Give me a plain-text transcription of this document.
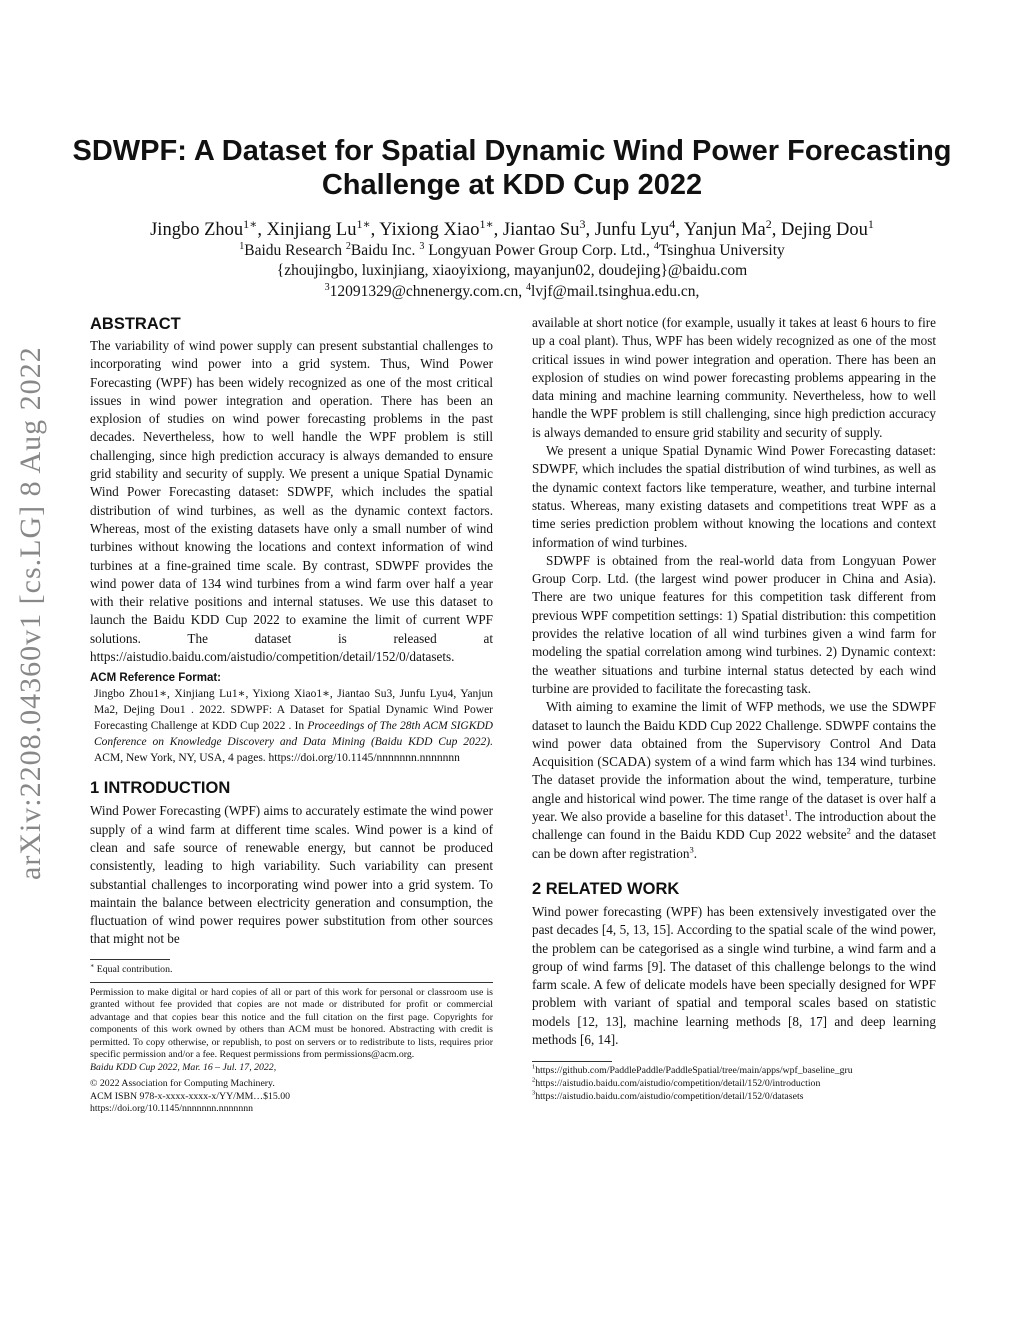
arXiv:2208.04360v1 [cs.LG] 8 Aug 2022
SDWPF: A Dataset for Spatial Dynamic Wind Power Forecasting
Challenge at KDD Cup 2022

Jingbo Zhou$^{1∗}$, Xinjiang $Lu^{1∗}$, Yixiong Xiao$^{1∗}$, Jiantao Su$^3$, Junfu Lyu$^4$, Yanjun Ma$^2$, Dejing Dou$^1$

$^1$Baidu Research $^2$Baidu Inc. $^3$ Longyuan Power Group Corp. Ltd., $^4$Tsinghua University

{zhoujingbo, luxinjiang, xiaoyixiong, mayanjun02, doudejing}@baidu.com

$^3$12091329@chnenergy.com.cn, $^4$lvjf@mail.tsinghua.edu.cn,

ABSTRACT

The variability of wind power supply can present substantial challenges to incorporating wind power into a grid system. Thus, Wind Power Forecasting (WPF) has been widely recognized as one of the most critical issues in wind power integration and operation. There has been an explosion of studies on wind power forecasting problems in the past decades. Nevertheless, how to well handle the WPF problem is still challenging, since high prediction accuracy is always demanded to ensure grid stability and security of supply. We present a unique Spatial Dynamic Wind Power Forecasting dataset: SDWPF, which includes the spatial distribution of wind turbines, as well as the dynamic context factors. Whereas, most of the existing datasets have only a small number of wind turbines without knowing the locations and context information of wind turbines at a fine-grained time scale. By contrast, SDWPF provides the wind power data of 134 wind turbines from a wind farm over half a year with their relative positions and internal statuses. We use this dataset to launch the Baidu KDD Cup 2022 to examine the limit of current WPF solutions. The dataset is released at https://aistudio.baidu.com/aistudio/competition/detail/152/0/datasets.

ACM Reference Format:

Jingbo Zhou1∗, Xinjiang Lu1∗, Yixiong Xiao1∗, Jiantao Su3, Junfu Lyu4, Yanjun Ma2, Dejing Dou1 . 2022. SDWPF: A Dataset for Spatial Dynamic Wind Power Forecasting Challenge at KDD Cup 2022 . In Proceedings of The 28th ACM SIGKDD Conference on Knowledge Discovery and Data Mining (Baidu KDD Cup 2022). ACM, New York, NY, USA, 4 pages. https://doi.org/10.1145/nnnnnnn.nnnnnnn

1 INTRODUCTION

Wind Power Forecasting (WPF) aims to accurately estimate the wind power supply of a wind farm at different time scales. Wind power is a kind of clean and safe source of renewable energy, but cannot be produced consistently, leading to high variability. Such variability can present substantial challenges to incorporating wind power into a grid system. To maintain the balance between electricity generation and consumption, the fluctuation of wind power requires power substitution from other sources that might not be

∗ Equal contribution.

Permission to make digital or hard copies of all or part of this work for personal or classroom use is granted without fee provided that copies are not made or distributed for profit or commercial advantage and that copies bear this notice and the full citation on the first page. Copyrights for components of this work owned by others than ACM must be honored. Abstracting with credit is permitted. To copy otherwise, or republish, to post on servers or to redistribute to lists, requires prior specific permission and/or a fee. Request permissions from permissions@acm.org.

Baidu KDD Cup 2022, Mar. 16 – Jul. 17, 2022,

© 2022 Association for Computing Machinery.

ACM ISBN 978-x-xxxx-xxxx-x/YY/MM…$15.00

https://doi.org/10.1145/nnnnnnn.nnnnnnn

available at short notice (for example, usually it takes at least 6 hours to fire up a coal plant). Thus, WPF has been widely recognized as one of the most critical issues in wind power integration and operation. There has been an explosion of studies on wind power forecasting problems appearing in the data mining and machine learning community. Nevertheless, how to well handle the WPF problem is still challenging, since high prediction accuracy is always demanded to ensure grid stability and security of supply.

We present a unique Spatial Dynamic Wind Power Forecasting dataset: SDWPF, which includes the spatial distribution of wind turbines, as well as the dynamic context factors like temperature, weather, and turbine internal status. Whereas, many existing datasets and competitions treat WPF as a time series prediction problem without knowing the locations and context information of wind turbines.

SDWPF is obtained from the real-world data from Longyuan Power Group Corp. Ltd. (the largest wind power producer in China and Asia). There are two unique features for this competition task different from previous WPF competition settings: 1) Spatial distribution: this competition provides the relative location of all wind turbines given a wind farm for modeling the spatial correlation among wind turbines. 2) Dynamic context: the weather situations and turbine internal status detected by each wind turbine are provided to facilitate the forecasting task.

With aiming to examine the limit of WFP methods, we use the SDWPF dataset to launch the Baidu KDD Cup 2022 Challenge. SDWPF contains the wind power data obtained from the Supervisory Control And Data Acquisition (SCADA) system of a wind farm which has 134 wind turbines. The dataset provide the information about the wind, temperature, turbine angle and historical wind power. The time range of the dataset is over half a year. We also provide a baseline for this dataset$^1$. The introduction about the challenge can found in the Baidu KDD Cup 2022 website$^2$ and the dataset can be down after registration$^3$.

2 RELATED WORK

Wind power forecasting (WPF) has been extensively investigated over the past decades [4, 5, 13, 15]. According to the spatial scale of the wind power, the problem can be categorised as a single wind turbine, a wind farm and a group of wind farms [9]. The dataset of this challenge belongs to the wind farm scale. A few of delicate models have been specially designed for WPF problem with variant of spatial and temporal scales based on statistic models [12, 13], machine learning methods [8, 17] and deep learning methods [6, 14].

$^1$https://github.com/PaddlePaddle/PaddleSpatial/tree/main/apps/wpf_baseline_gru

$^2$https://aistudio.baidu.com/aistudio/competition/detail/152/0/introduction

$^3$https://aistudio.baidu.com/aistudio/competition/detail/152/0/datasets
